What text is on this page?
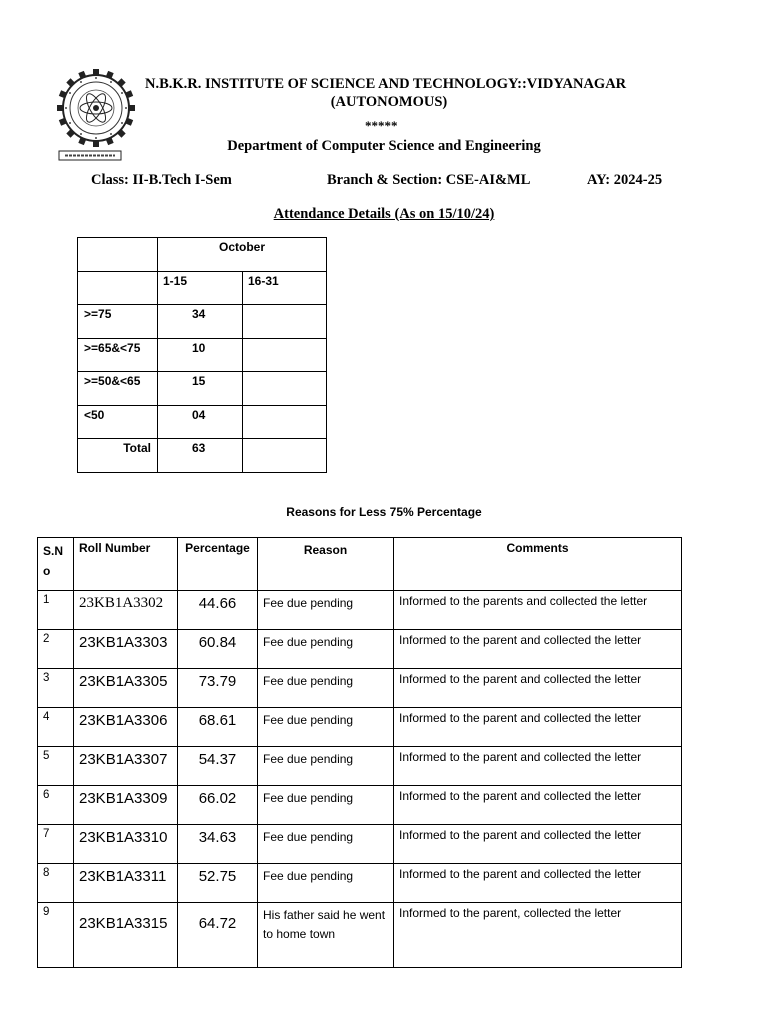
N.B.K.R. INSTITUTE OF SCIENCE AND TECHNOLOGY::VIDYANAGAR
(AUTONOMOUS)
*****
Department of Computer Science and Engineering
Class: II-B.Tech I-Sem	Branch & Section: CSE-AI&ML	AY: 2024-25
Attendance Details (As on 15/10/24)

	October	

	1-15	16-31

>=75	34	

>=65&<75	10	

>=50&<65	15	

<50	04	

Total	63	

Reasons for Less 75% Percentage
S.No	Roll Number	Percentage	Reason	Comments
1	23KB1A3302	44.66	Fee due pending	Informed to the parents and collected the letter
2	23KB1A3303	60.84	Fee due pending	Informed to the parent and collected the letter
3	23KB1A3305	73.79	Fee due pending	Informed to the parent and collected the letter
4	23KB1A3306	68.61	Fee due pending	Informed to the parent and collected the letter
5	23KB1A3307	54.37	Fee due pending	Informed to the parent and collected the letter
6	23KB1A3309	66.02	Fee due pending	Informed to the parent and collected the letter
7	23KB1A3310	34.63	Fee due pending	Informed to the parent and collected the letter
8	23KB1A3311	52.75	Fee due pending	Informed to the parent and collected the letter
9	23KB1A3315	64.72	His father said he went to home town	Informed to the parent, collected the letter
